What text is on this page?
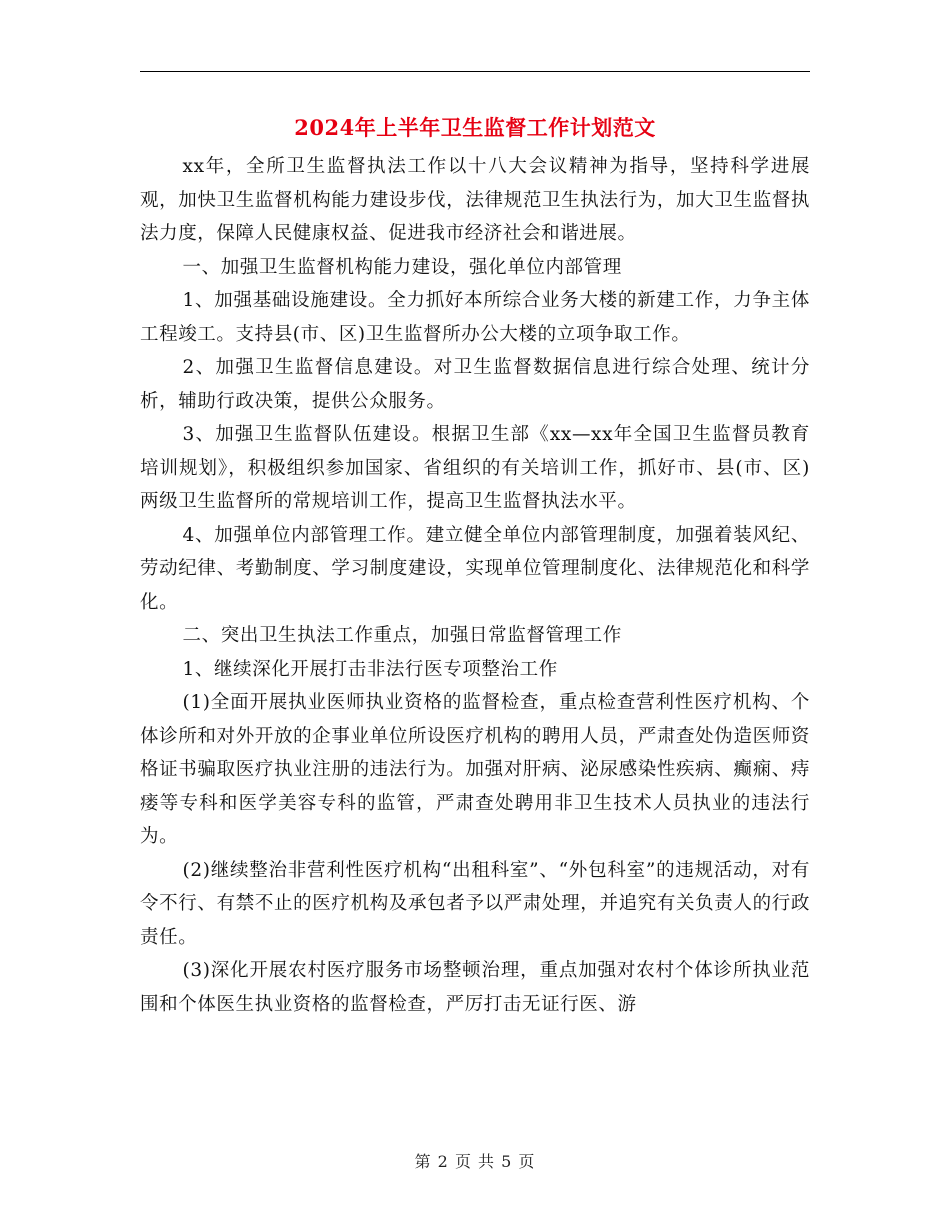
2024年上半年卫生监督工作计划范文

xx年，全所卫生监督执法工作以十八大会议精神为指导，坚持科学进展观，加快卫生监督机构能力建设步伐，法律规范卫生执法行为，加大卫生监督执法力度，保障人民健康权益、促进我市经济社会和谐进展。

一、加强卫生监督机构能力建设，强化单位内部管理

1、加强基础设施建设。全力抓好本所综合业务大楼的新建工作，力争主体工程竣工。支持县(市、区)卫生监督所办公大楼的立项争取工作。

2、加强卫生监督信息建设。对卫生监督数据信息进行综合处理、统计分析，辅助行政决策，提供公众服务。

3、加强卫生监督队伍建设。根据卫生部《xx—xx年全国卫生监督员教育培训规划》，积极组织参加国家、省组织的有关培训工作，抓好市、县(市、区)两级卫生监督所的常规培训工作，提高卫生监督执法水平。

4、加强单位内部管理工作。建立健全单位内部管理制度，加强着装风纪、劳动纪律、考勤制度、学习制度建设，实现单位管理制度化、法律规范化和科学化。

二、突出卫生执法工作重点，加强日常监督管理工作

1、继续深化开展打击非法行医专项整治工作

(1)全面开展执业医师执业资格的监督检查，重点检查营利性医疗机构、个体诊所和对外开放的企事业单位所设医疗机构的聘用人员，严肃查处伪造医师资格证书骗取医疗执业注册的违法行为。加强对肝病、泌尿感染性疾病、癫痫、痔瘘等专科和医学美容专科的监管，严肃查处聘用非卫生技术人员执业的违法行为。

(2)继续整治非营利性医疗机构“出租科室”、“外包科室”的违规活动，对有令不行、有禁不止的医疗机构及承包者予以严肃处理，并追究有关负责人的行政责任。

(3)深化开展农村医疗服务市场整顿治理，重点加强对农村个体诊所执业范围和个体医生执业资格的监督检查，严厉打击无证行医、游

第 2 页 共 5 页
